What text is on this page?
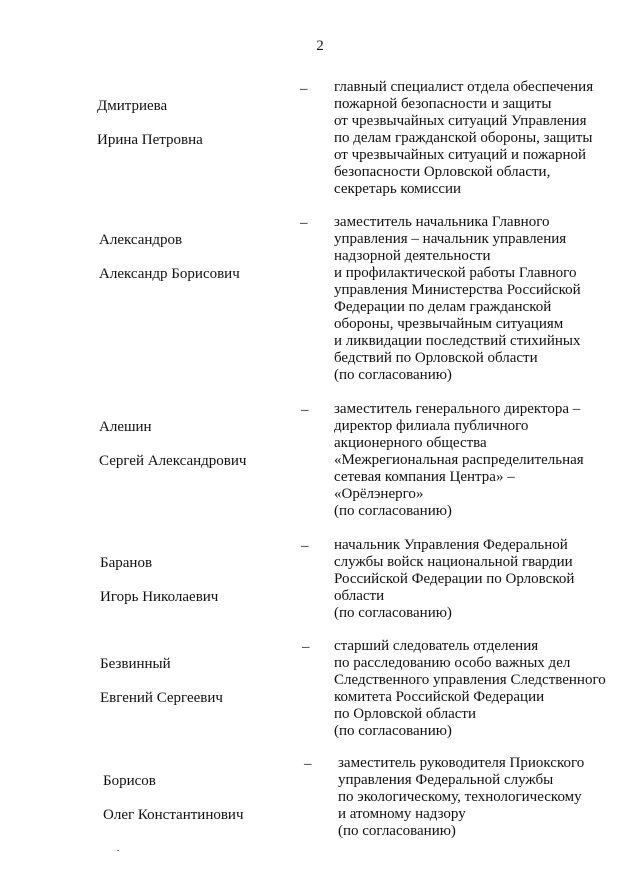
2

Дмитриева

Ирина Петровна

– главный специалист отдела обеспечения
пожарной безопасности и защиты
от чрезвычайных ситуаций Управления
по делам гражданской обороны, защиты
от чрезвычайных ситуаций и пожарной
безопасности Орловской области,
секретарь комиссии

Александров

Александр Борисович

– заместитель начальника Главного
управления – начальник управления
надзорной деятельности
и профилактической работы Главного
управления Министерства Российской
Федерации по делам гражданской
обороны, чрезвычайным ситуациям
и ликвидации последствий стихийных
бедствий по Орловской области
(по согласованию)

Алешин

Сергей Александрович

– заместитель генерального директора –
директор филиала публичного
акционерного общества
«Межрегиональная распределительная
сетевая компания Центра» –
«Орёлэнерго»
(по согласованию)

Баранов

Игорь Николаевич

– начальник Управления Федеральной
службы войск национальной гвардии
Российской Федерации по Орловской
области
(по согласованию)

Безвинный

Евгений Сергеевич

– старший следователь отделения
по расследованию особо важных дел
Следственного управления Следственного
комитета Российской Федерации
по Орловской области
(по согласованию)

Борисов

Олег Константинович

– заместитель руководителя Приокского
управления Федеральной службы
по экологическому, технологическому
и атомному надзору
(по согласованию)
